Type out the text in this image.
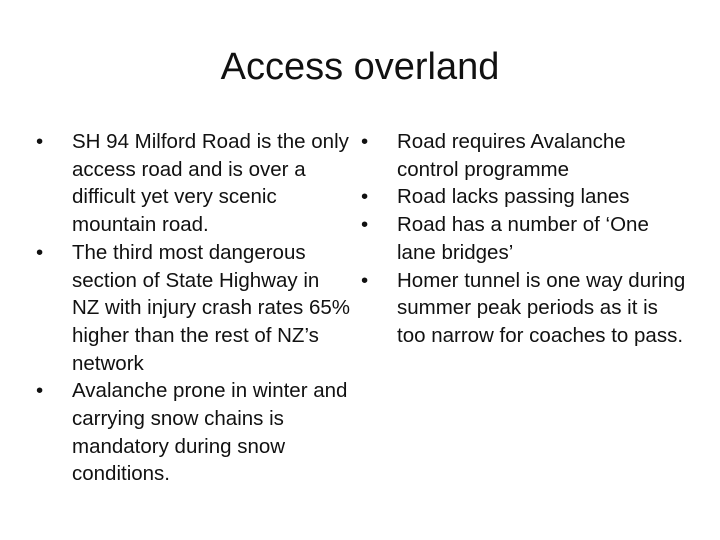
Access overland
•	SH 94 Milford Road is the only access road and is over a difficult yet very scenic mountain road.
•	The third most dangerous section of State Highway in NZ with injury crash rates 65% higher than the rest of NZ’s network
•	Avalanche prone in winter and carrying snow chains is mandatory during snow conditions.
•	Road requires Avalanche control programme
•	Road lacks passing lanes
•	Road has a number of ‘One lane bridges’
•	Homer tunnel is one way during summer peak periods as it is too narrow for coaches to pass.
